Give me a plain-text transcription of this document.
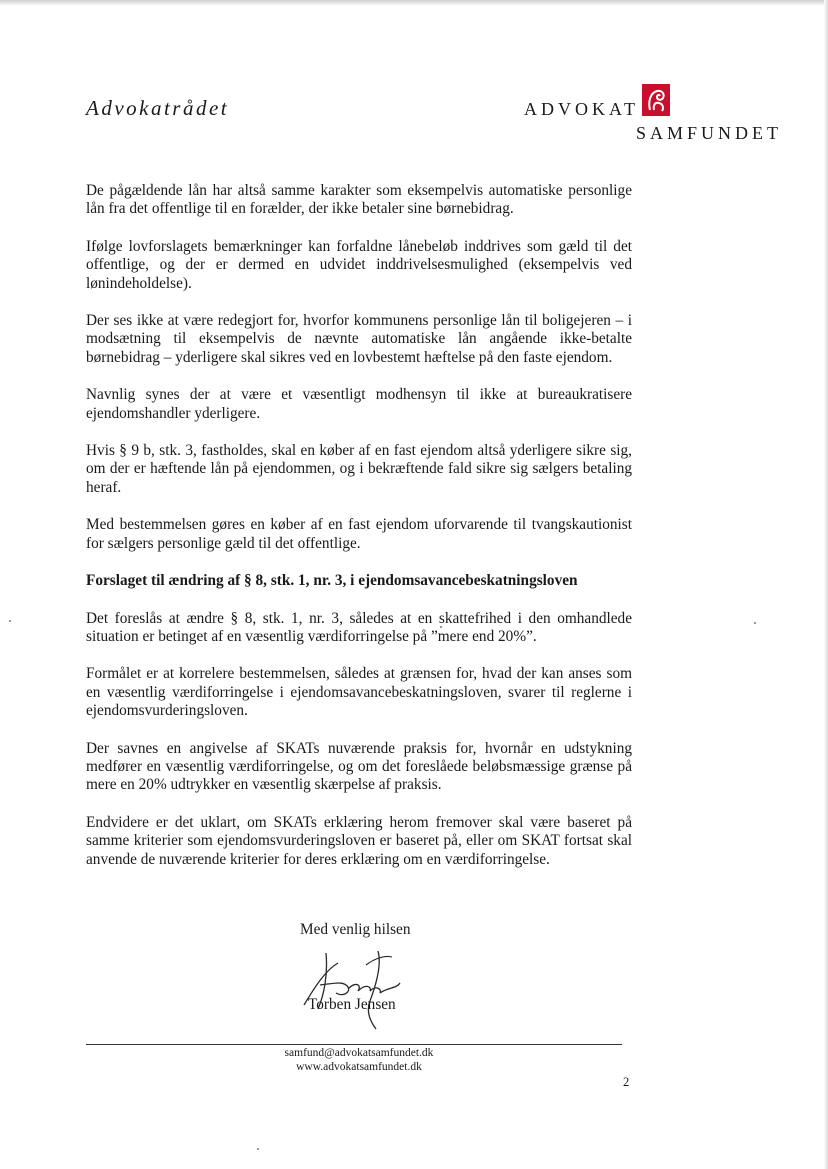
Advokatrådet	ADVOKAT
SAMFUNDET

De pågældende lån har altså samme karakter som eksempelvis automatiske personlige lån fra det offentlige til en forælder, der ikke betaler sine børnebidrag.

Ifølge lovforslagets bemærkninger kan forfaldne lånebeløb inddrives som gæld til det offentlige, og der er dermed en udvidet inddrivelsesmulighed (eksempelvis ved lønindeholdelse).

Der ses ikke at være redegjort for, hvorfor kommunens personlige lån til boligejeren – i modsætning til eksempelvis de nævnte automatiske lån angående ikke-betalte børnebidrag – yderligere skal sikres ved en lovbestemt hæftelse på den faste ejendom.

Navnlig synes der at være et væsentligt modhensyn til ikke at bureaukratisere ejendomshandler yderligere.

Hvis § 9 b, stk. 3, fastholdes, skal en køber af en fast ejendom altså yderligere sikre sig, om der er hæftende lån på ejendommen, og i bekræftende fald sikre sig sælgers betaling heraf.

Med bestemmelsen gøres en køber af en fast ejendom uforvarende til tvangskautionist for sælgers personlige gæld til det offentlige.

Forslaget til ændring af § 8, stk. 1, nr. 3, i ejendomsavancebeskatningsloven

Det foreslås at ændre § 8, stk. 1, nr. 3, således at en skattefrihed i den omhandlede situation er betinget af en væsentlig værdiforringelse på ”mere end 20%”.

Formålet er at korrelere bestemmelsen, således at grænsen for, hvad der kan anses som en væsentlig værdiforringelse i ejendomsavancebeskatningsloven, svarer til reglerne i ejendomsvurderingsloven.

Der savnes en angivelse af SKATs nuværende praksis for, hvornår en udstykning medfører en væsentlig værdiforringelse, og om det foreslåede beløbsmæssige grænse på mere en 20% udtrykker en væsentlig skærpelse af praksis.

Endvidere er det uklart, om SKATs erklæring herom fremover skal være baseret på samme kriterier som ejendomsvurderingsloven er baseret på, eller om SKAT fortsat skal anvende de nuværende kriterier for deres erklæring om en værdiforringelse.

Med venlig hilsen
Torben Jensen
samfund@advokatsamfundet.dk
www.advokatsamfundet.dk
2
